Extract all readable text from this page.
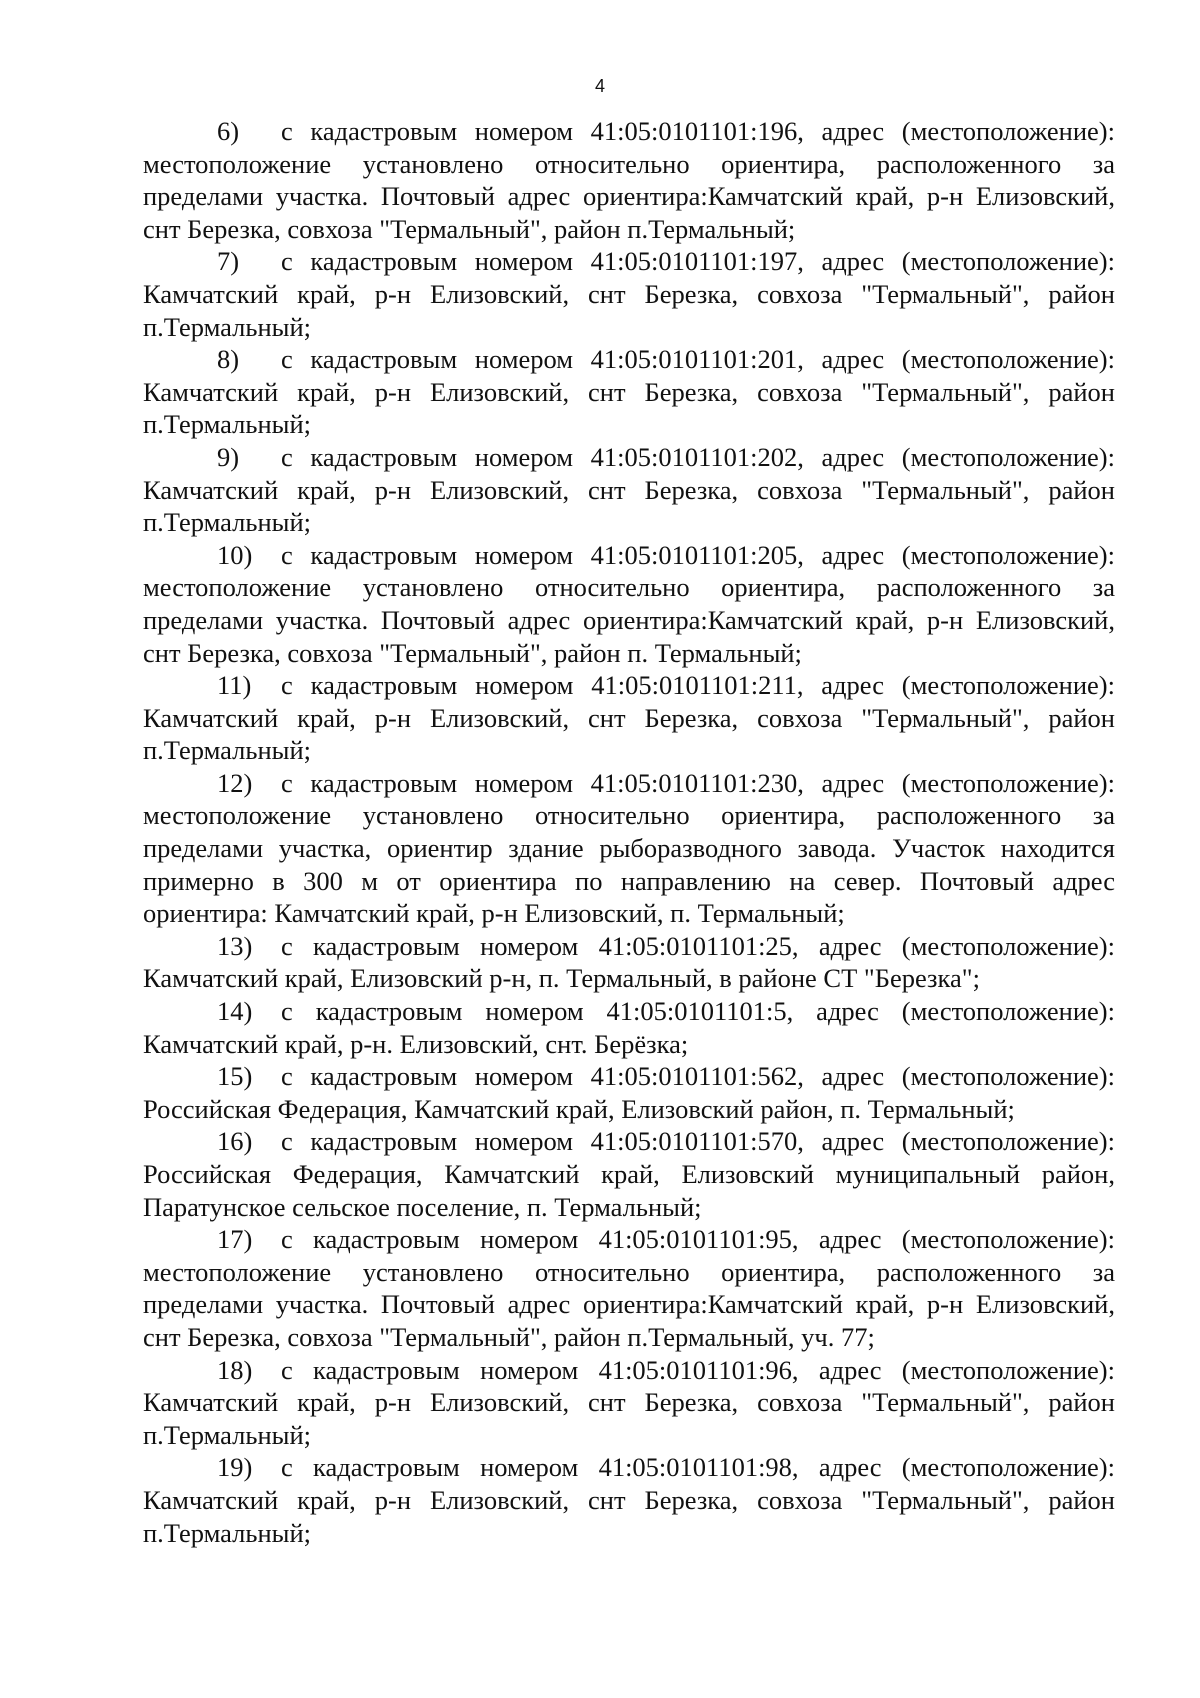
4

6) с кадастровым номером 41:05:0101101:196, адрес (местоположение): местоположение установлено относительно ориентира, расположенного за пределами участка. Почтовый адрес ориентира:Камчатский край, р-н Елизовский, снт Березка, совхоза "Термальный", район п.Термальный;

7) с кадастровым номером 41:05:0101101:197, адрес (местоположение): Камчатский край, р-н Елизовский, снт Березка, совхоза "Термальный", район п.Термальный;

8) с кадастровым номером 41:05:0101101:201, адрес (местоположение): Камчатский край, р-н Елизовский, снт Березка, совхоза "Термальный", район п.Термальный;

9) с кадастровым номером 41:05:0101101:202, адрес (местоположение): Камчатский край, р-н Елизовский, снт Березка, совхоза "Термальный", район п.Термальный;

10) с кадастровым номером 41:05:0101101:205, адрес (местоположение): местоположение установлено относительно ориентира, расположенного за пределами участка. Почтовый адрес ориентира:Камчатский край, р-н Елизовский, снт Березка, совхоза "Термальный", район п. Термальный;

11) с кадастровым номером 41:05:0101101:211, адрес (местоположение): Камчатский край, р-н Елизовский, снт Березка, совхоза "Термальный", район п.Термальный;

12) с кадастровым номером 41:05:0101101:230, адрес (местоположение): местоположение установлено относительно ориентира, расположенного за пределами участка, ориентир здание рыборазводного завода. Участок находится примерно в 300 м от ориентира по направлению на север. Почтовый адрес ориентира: Камчатский край, р-н Елизовский, п. Термальный;

13) с кадастровым номером 41:05:0101101:25, адрес (местоположение): Камчатский край, Елизовский р-н, п. Термальный, в районе СТ "Березка";

14) с кадастровым номером 41:05:0101101:5, адрес (местоположение): Камчатский край, р-н. Елизовский, снт. Берёзка;

15) с кадастровым номером 41:05:0101101:562, адрес (местоположение): Российская Федерация, Камчатский край, Елизовский район, п. Термальный;

16) с кадастровым номером 41:05:0101101:570, адрес (местоположение): Российская Федерация, Камчатский край, Елизовский муниципальный район, Паратунское сельское поселение, п. Термальный;

17) с кадастровым номером 41:05:0101101:95, адрес (местоположение): местоположение установлено относительно ориентира, расположенного за пределами участка. Почтовый адрес ориентира:Камчатский край, р-н Елизовский, снт Березка, совхоза "Термальный", район п.Термальный, уч. 77;

18) с кадастровым номером 41:05:0101101:96, адрес (местоположение): Камчатский край, р-н Елизовский, снт Березка, совхоза "Термальный", район п.Термальный;

19) с кадастровым номером 41:05:0101101:98, адрес (местоположение): Камчатский край, р-н Елизовский, снт Березка, совхоза "Термальный", район п.Термальный;
